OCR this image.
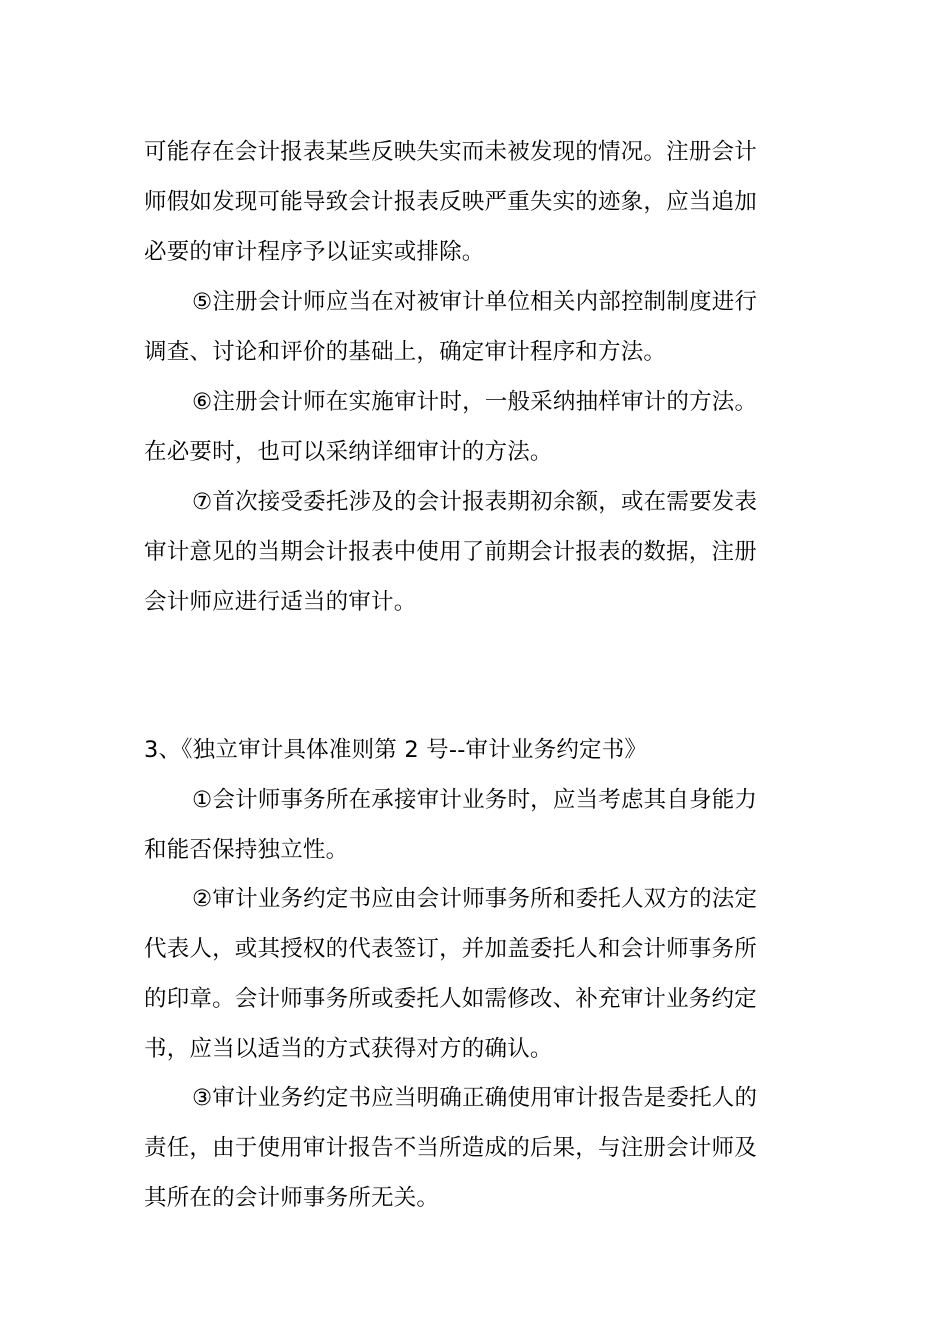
可能存在会计报表某些反映失实而未被发现的情况。注册会计
师假如发现可能导致会计报表反映严重失实的迹象，应当追加
必要的审计程序予以证实或排除。
⑤注册会计师应当在对被审计单位相关内部控制制度进行
调查、讨论和评价的基础上，确定审计程序和方法。
⑥注册会计师在实施审计时，一般采纳抽样审计的方法。
在必要时，也可以采纳详细审计的方法。
⑦首次接受委托涉及的会计报表期初余额，或在需要发表
审计意见的当期会计报表中使用了前期会计报表的数据，注册
会计师应进行适当的审计。
3、《独立审计具体准则第 2 号--审计业务约定书》
①会计师事务所在承接审计业务时，应当考虑其自身能力
和能否保持独立性。
②审计业务约定书应由会计师事务所和委托人双方的法定
代表人，或其授权的代表签订，并加盖委托人和会计师事务所
的印章。会计师事务所或委托人如需修改、补充审计业务约定
书，应当以适当的方式获得对方的确认。
③审计业务约定书应当明确正确使用审计报告是委托人的
责任，由于使用审计报告不当所造成的后果，与注册会计师及
其所在的会计师事务所无关。
